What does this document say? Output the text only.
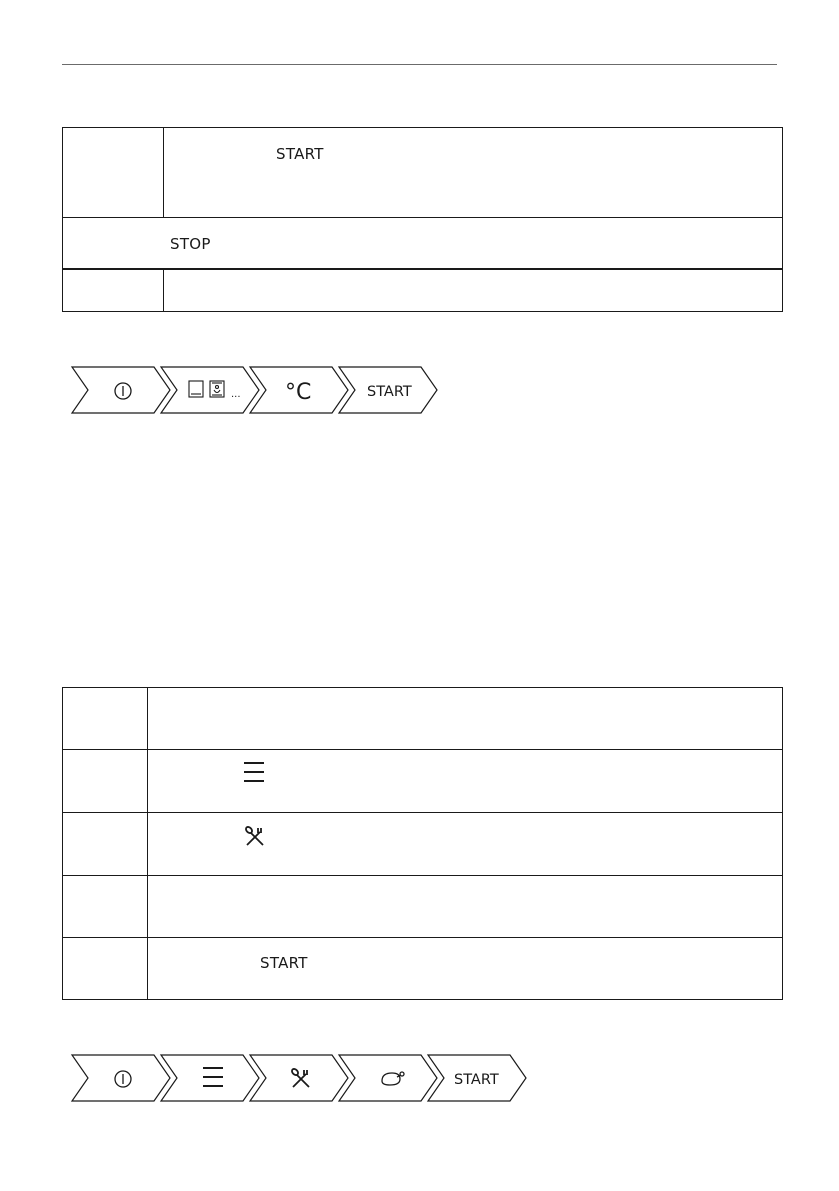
	START

STOP	

... °C	START

	START
START
